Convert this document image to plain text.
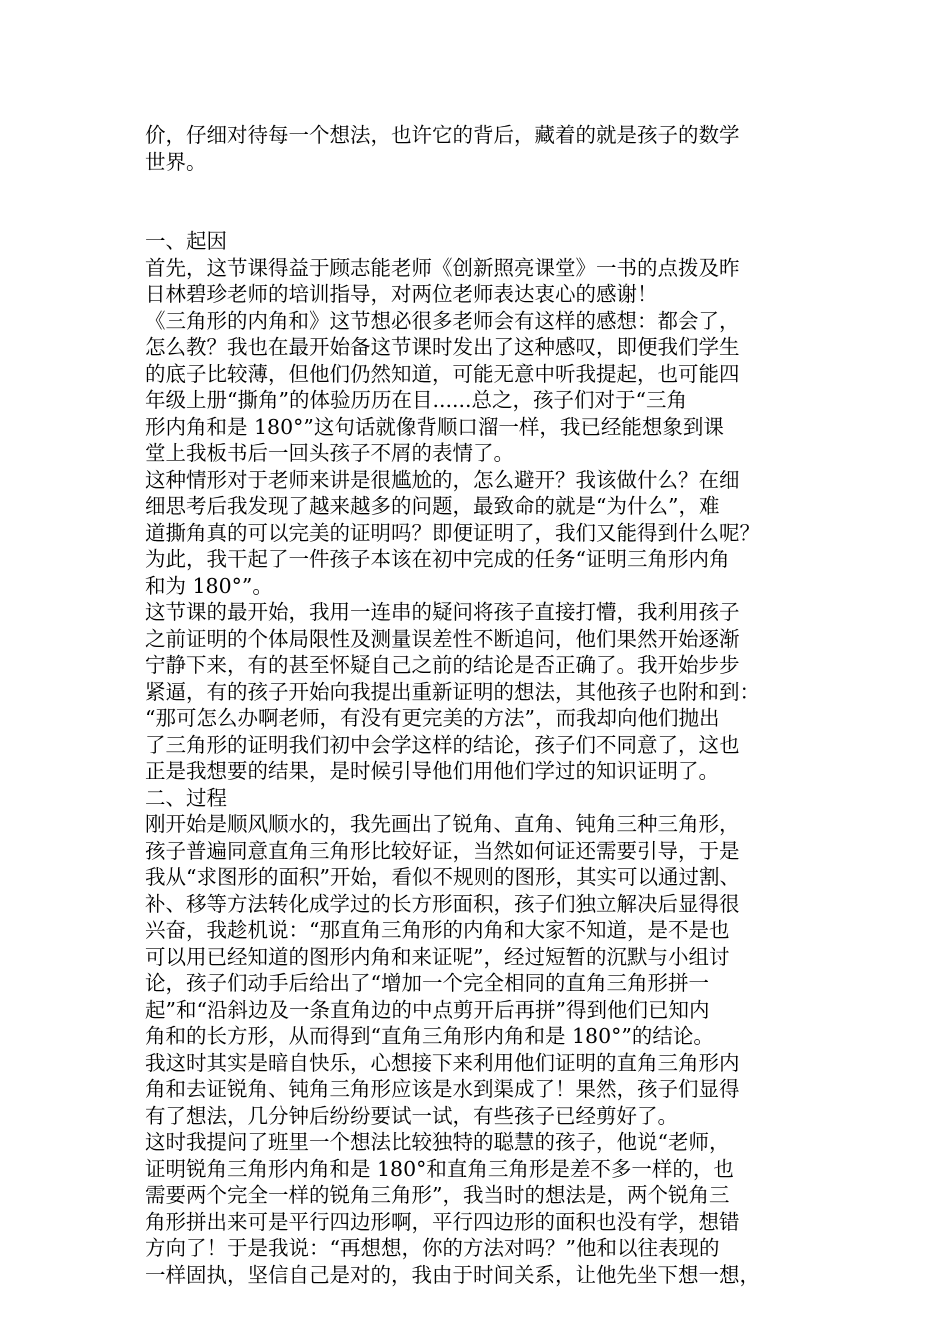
价，仔细对待每一个想法，也许它的背后，藏着的就是孩子的数学
世界。

一、起因

首先，这节课得益于顾志能老师《创新照亮课堂》一书的点拨及昨
日林碧珍老师的培训指导，对两位老师表达衷心的感谢！

《三角形的内角和》这节想必很多老师会有这样的感想：都会了，
怎么教？我也在最开始备这节课时发出了这种感叹，即便我们学生
的底子比较薄，但他们仍然知道，可能无意中听我提起，也可能四
年级上册“撕角”的体验历历在目......总之，孩子们对于“三角
形内角和是 180°”这句话就像背顺口溜一样，我已经能想象到课
堂上我板书后一回头孩子不屑的表情了。

这种情形对于老师来讲是很尴尬的，怎么避开？我该做什么？在细
细思考后我发现了越来越多的问题，最致命的就是“为什么”，难
道撕角真的可以完美的证明吗？即便证明了，我们又能得到什么呢？
为此，我干起了一件孩子本该在初中完成的任务“证明三角形内角
和为 180°”。

这节课的最开始，我用一连串的疑问将孩子直接打懵，我利用孩子
之前证明的个体局限性及测量误差性不断追问，他们果然开始逐渐
宁静下来，有的甚至怀疑自己之前的结论是否正确了。我开始步步
紧逼，有的孩子开始向我提出重新证明的想法，其他孩子也附和到：
“那可怎么办啊老师，有没有更完美的方法”，而我却向他们抛出
了三角形的证明我们初中会学这样的结论，孩子们不同意了，这也
正是我想要的结果，是时候引导他们用他们学过的知识证明了。

二、过程

刚开始是顺风顺水的，我先画出了锐角、直角、钝角三种三角形，
孩子普遍同意直角三角形比较好证，当然如何证还需要引导，于是
我从“求图形的面积”开始，看似不规则的图形，其实可以通过割、
补、移等方法转化成学过的长方形面积，孩子们独立解决后显得很
兴奋，我趁机说：“那直角三角形的内角和大家不知道，是不是也
可以用已经知道的图形内角和来证呢”，经过短暂的沉默与小组讨
论，孩子们动手后给出了“增加一个完全相同的直角三角形拼一
起”和“沿斜边及一条直角边的中点剪开后再拼”得到他们已知内
角和的长方形，从而得到“直角三角形内角和是 180°”的结论。

我这时其实是暗自快乐，心想接下来利用他们证明的直角三角形内
角和去证锐角、钝角三角形应该是水到渠成了！果然，孩子们显得
有了想法，几分钟后纷纷要试一试，有些孩子已经剪好了。

这时我提问了班里一个想法比较独特的聪慧的孩子，他说“老师，
证明锐角三角形内角和是 180°和直角三角形是差不多一样的，也
需要两个完全一样的锐角三角形”，我当时的想法是，两个锐角三
角形拼出来可是平行四边形啊，平行四边形的面积也没有学，想错
方向了！于是我说：“再想想，你的方法对吗？”他和以往表现的
一样固执，坚信自己是对的，我由于时间关系，让他先坐下想一想，
